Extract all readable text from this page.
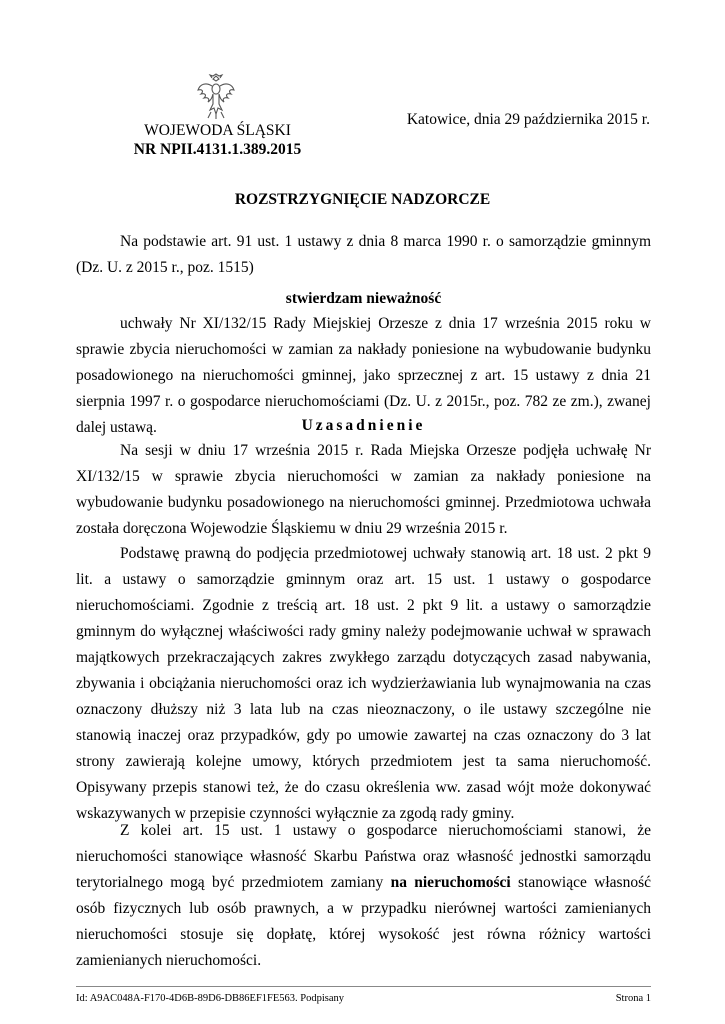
WOJEWODA ŚLĄSKI
NR NPII.4131.1.389.2015
Katowice, dnia 29 października 2015 r.
ROZSTRZYGNIĘCIE NADZORCZE

Na podstawie art. 91 ust. 1 ustawy z dnia 8 marca 1990 r. o samorządzie gminnym (Dz. U. z 2015 r., poz. 1515)

stwierdzam nieważność

uchwały Nr XI/132/15 Rady Miejskiej Orzesze z dnia 17 września 2015 roku w sprawie zbycia nieruchomości w zamian za nakłady poniesione na wybudowanie budynku posadowionego na nieruchomości gminnej, jako sprzecznej z art. 15 ustawy z dnia 21 sierpnia 1997 r. o gospodarce nieruchomościami (Dz. U. z 2015r., poz. 782 ze zm.), zwanej dalej ustawą.	Uzasadnienie

Na sesji w dniu 17 września 2015 r. Rada Miejska Orzesze podjęła uchwałę Nr XI/132/15 w sprawie zbycia nieruchomości w zamian za nakłady poniesione na wybudowanie budynku posadowionego na nieruchomości gminnej. Przedmiotowa uchwała została doręczona Wojewodzie Śląskiemu w dniu 29 września 2015 r.

Podstawę prawną do podjęcia przedmiotowej uchwały stanowią art. 18 ust. 2 pkt 9 lit. a ustawy o samorządzie gminnym oraz art. 15 ust. 1 ustawy o gospodarce nieruchomościami. Zgodnie z treścią art. 18 ust. 2 pkt 9 lit. a ustawy o samorządzie gminnym do wyłącznej właściwości rady gminy należy podejmowanie uchwał w sprawach majątkowych przekraczających zakres zwykłego zarządu dotyczących zasad nabywania, zbywania i obciążania nieruchomości oraz ich wydzierżawiania lub wynajmowania na czas oznaczony dłuższy niż 3 lata lub na czas nieoznaczony, o ile ustawy szczególne nie stanowią inaczej oraz przypadków, gdy po umowie zawartej na czas oznaczony do 3 lat strony zawierają kolejne umowy, których przedmiotem jest ta sama nieruchomość. Opisywany przepis stanowi też, że do czasu określenia ww. zasad wójt może dokonywać wskazywanych w przepisie czynności wyłącznie za zgodą rady gminy.

Z kolei art. 15 ust. 1 ustawy o gospodarce nieruchomościami stanowi, że nieruchomości stanowiące własność Skarbu Państwa oraz własność jednostki samorządu terytorialnego mogą być przedmiotem zamiany na nieruchomości stanowiące własność osób fizycznych lub osób prawnych, a w przypadku nierównej wartości zamienianych nieruchomości stosuje się dopłatę, której wysokość jest równa różnicy wartości zamienianych nieruchomości.

Id: A9AC048A-F170-4D6B-89D6-DB86EF1FE563. Podpisany	Strona 1
